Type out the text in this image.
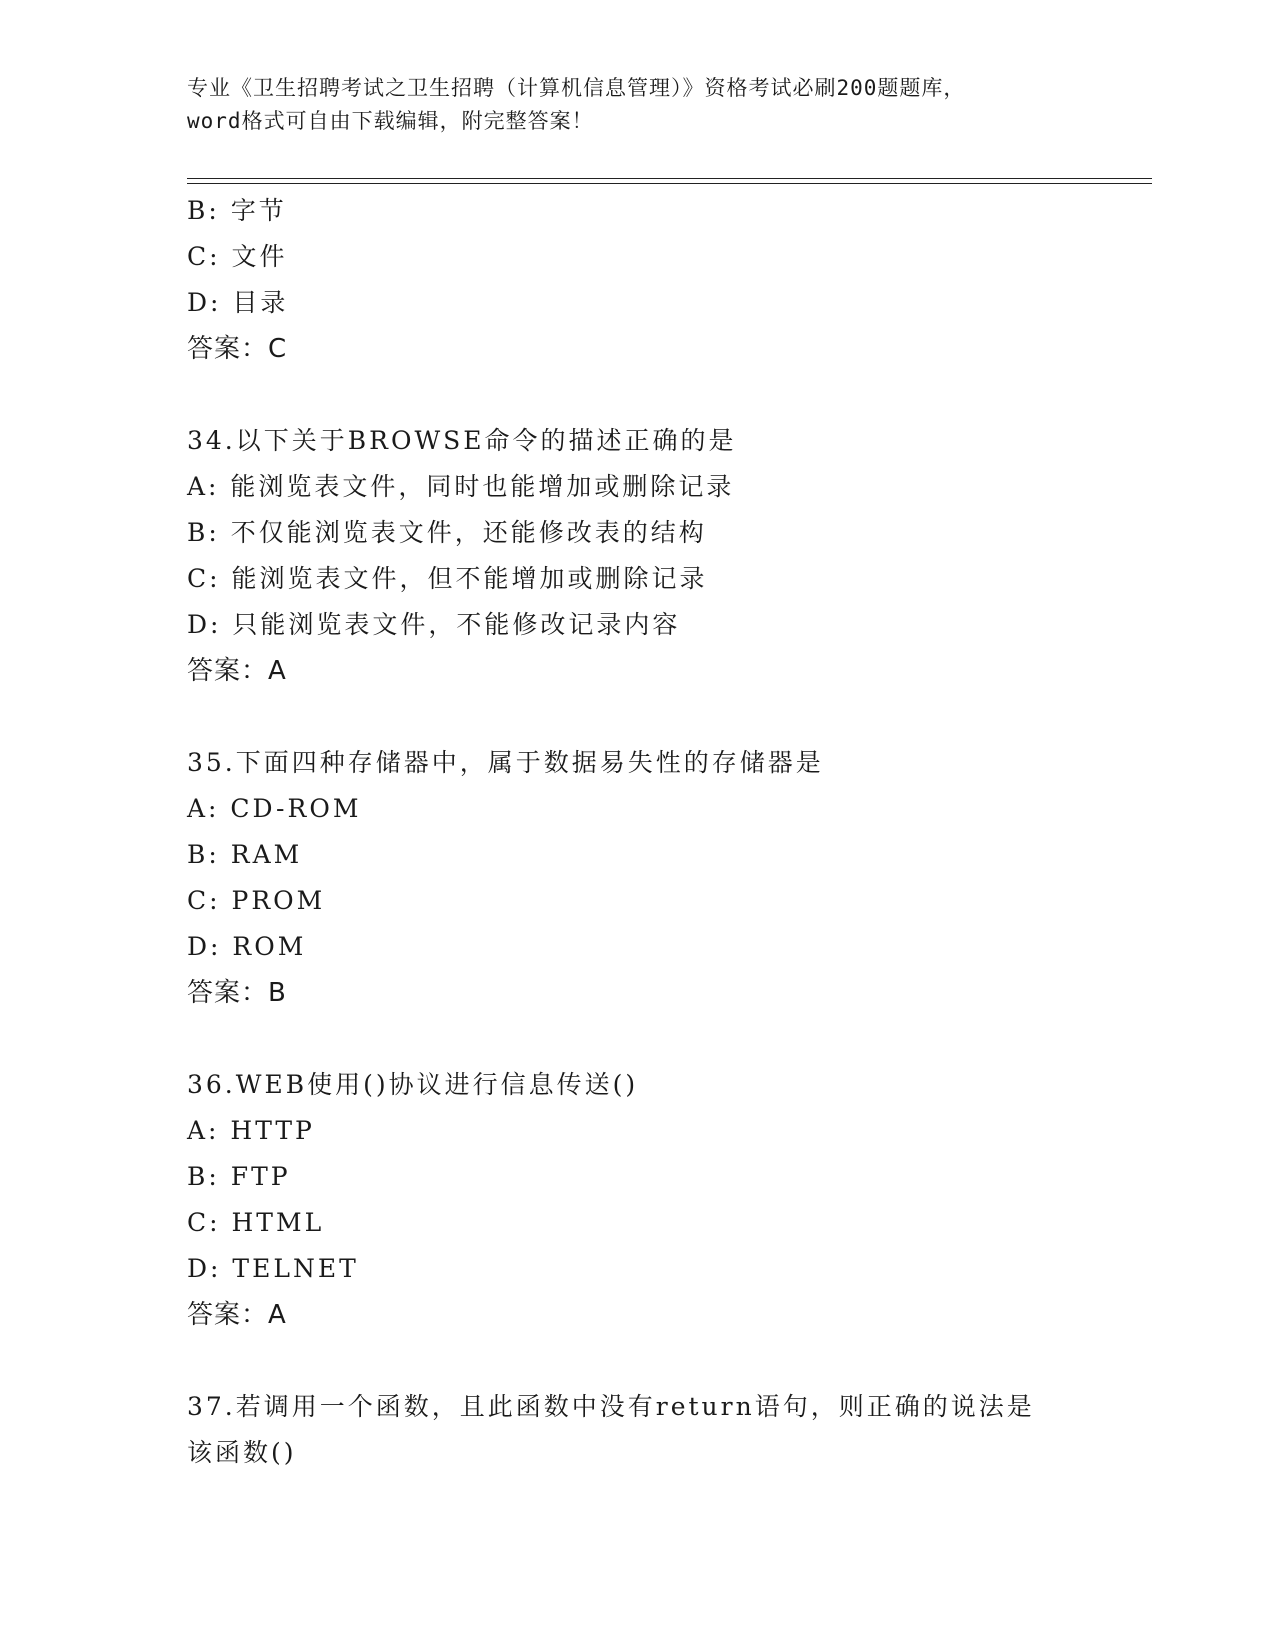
专业《卫生招聘考试之卫生招聘（计算机信息管理）》资格考试必刷200题题库，
word格式可自由下载编辑，附完整答案！
B: 字节
C: 文件
D: 目录
答案：C
34.以下关于BROWSE命令的描述正确的是
A: 能浏览表文件，同时也能增加或删除记录
B: 不仅能浏览表文件，还能修改表的结构
C: 能浏览表文件，但不能增加或删除记录
D: 只能浏览表文件，不能修改记录内容
答案：A
35.下面四种存储器中，属于数据易失性的存储器是
A: CD-ROM
B: RAM
C: PROM
D: ROM
答案：B
36.WEB使用()协议进行信息传送()
A: HTTP
B: FTP
C: HTML
D: TELNET
答案：A
37.若调用一个函数，且此函数中没有return语句，则正确的说法是
该函数()
